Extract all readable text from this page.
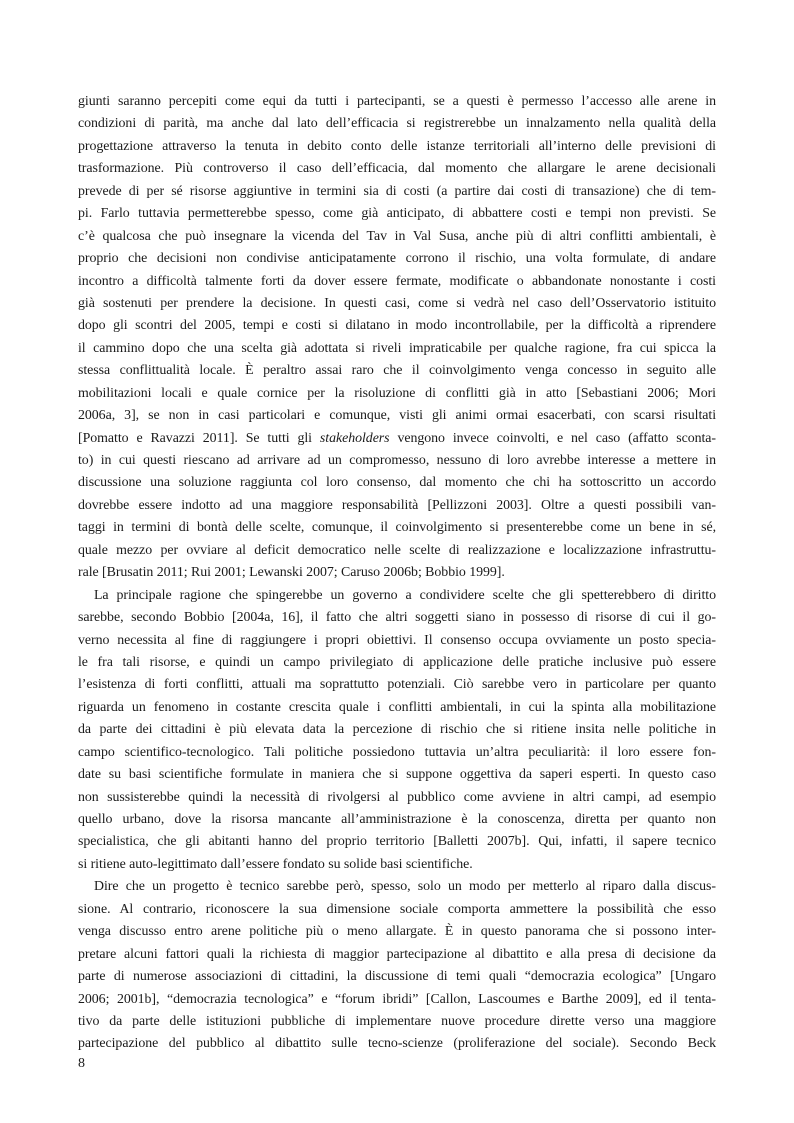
giunti saranno percepiti come equi da tutti i partecipanti, se a questi è permesso l’accesso alle arene in
condizioni di parità, ma anche dal lato dell’efficacia si registrerebbe un innalzamento nella qualità della
progettazione attraverso la tenuta in debito conto delle istanze territoriali all’interno delle previsioni di
trasformazione. Più controverso il caso dell’efficacia, dal momento che allargare le arene decisionali
prevede di per sé risorse aggiuntive in termini sia di costi (a partire dai costi di transazione) che di tem-
pi. Farlo tuttavia permetterebbe spesso, come già anticipato, di abbattere costi e tempi non previsti. Se
c’è qualcosa che può insegnare la vicenda del Tav in Val Susa, anche più di altri conflitti ambientali, è
proprio che decisioni non condivise anticipatamente corrono il rischio, una volta formulate, di andare
incontro a difficoltà talmente forti da dover essere fermate, modificate o abbandonate nonostante i costi
già sostenuti per prendere la decisione. In questi casi, come si vedrà nel caso dell’Osservatorio istituito
dopo gli scontri del 2005, tempi e costi si dilatano in modo incontrollabile, per la difficoltà a riprendere
il cammino dopo che una scelta già adottata si riveli impraticabile per qualche ragione, fra cui spicca la
stessa conflittualità locale. È peraltro assai raro che il coinvolgimento venga concesso in seguito alle
mobilitazioni locali e quale cornice per la risoluzione di conflitti già in atto [Sebastiani 2006; Mori
2006a, 3], se non in casi particolari e comunque, visti gli animi ormai esacerbati, con scarsi risultati
[Pomatto e Ravazzi 2011]. Se tutti gli stakeholders vengono invece coinvolti, e nel caso (affatto sconta-
to) in cui questi riescano ad arrivare ad un compromesso, nessuno di loro avrebbe interesse a mettere in
discussione una soluzione raggiunta col loro consenso, dal momento che chi ha sottoscritto un accordo
dovrebbe essere indotto ad una maggiore responsabilità [Pellizzoni 2003]. Oltre a questi possibili van-
taggi in termini di bontà delle scelte, comunque, il coinvolgimento si presenterebbe come un bene in sé,
quale mezzo per ovviare al deficit democratico nelle scelte di realizzazione e localizzazione infrastruttu-
rale [Brusatin 2011; Rui 2001; Lewanski 2007; Caruso 2006b; Bobbio 1999].
La principale ragione che spingerebbe un governo a condividere scelte che gli spetterebbero di diritto
sarebbe, secondo Bobbio [2004a, 16], il fatto che altri soggetti siano in possesso di risorse di cui il go-
verno necessita al fine di raggiungere i propri obiettivi. Il consenso occupa ovviamente un posto specia-
le fra tali risorse, e quindi un campo privilegiato di applicazione delle pratiche inclusive può essere
l’esistenza di forti conflitti, attuali ma soprattutto potenziali. Ciò sarebbe vero in particolare per quanto
riguarda un fenomeno in costante crescita quale i conflitti ambientali, in cui la spinta alla mobilitazione
da parte dei cittadini è più elevata data la percezione di rischio che si ritiene insita nelle politiche in
campo scientifico-tecnologico. Tali politiche possiedono tuttavia un’altra peculiarità: il loro essere fon-
date su basi scientifiche formulate in maniera che si suppone oggettiva da saperi esperti. In questo caso
non sussisterebbe quindi la necessità di rivolgersi al pubblico come avviene in altri campi, ad esempio
quello urbano, dove la risorsa mancante all’amministrazione è la conoscenza, diretta per quanto non
specialistica, che gli abitanti hanno del proprio territorio [Balletti 2007b]. Qui, infatti, il sapere tecnico
si ritiene auto-legittimato dall’essere fondato su solide basi scientifiche.
Dire che un progetto è tecnico sarebbe però, spesso, solo un modo per metterlo al riparo dalla discus-
sione. Al contrario, riconoscere la sua dimensione sociale comporta ammettere la possibilità che esso
venga discusso entro arene politiche più o meno allargate. È in questo panorama che si possono inter-
pretare alcuni fattori quali la richiesta di maggior partecipazione al dibattito e alla presa di decisione da
parte di numerose associazioni di cittadini, la discussione di temi quali “democrazia ecologica” [Ungaro
2006; 2001b], “democrazia tecnologica” e “forum ibridi” [Callon, Lascoumes e Barthe 2009], ed il tenta-
tivo da parte delle istituzioni pubbliche di implementare nuove procedure dirette verso una maggiore
partecipazione del pubblico al dibattito sulle tecno-scienze (proliferazione del sociale). Secondo Beck
8
